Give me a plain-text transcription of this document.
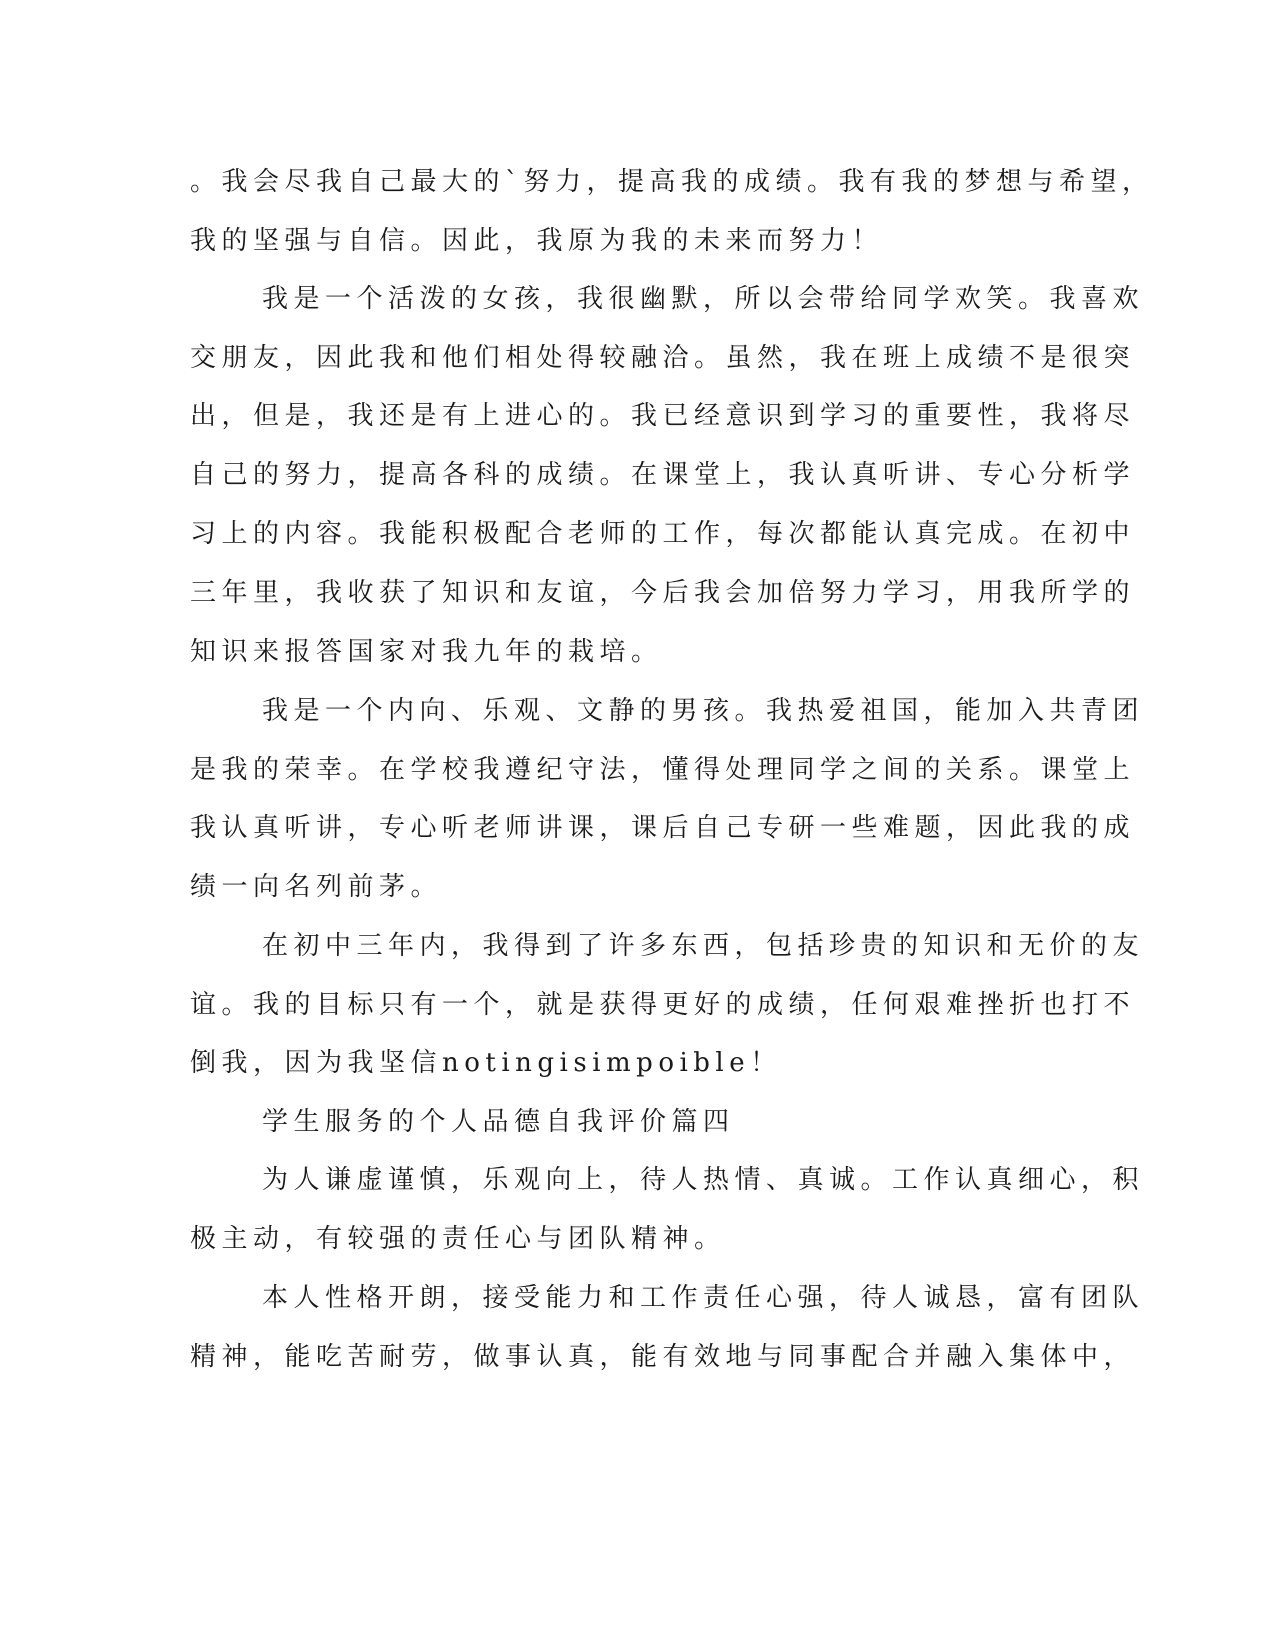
。我会尽我自己最大的`努力，提高我的成绩。我有我的梦想与希望，
我的坚强与自信。因此，我原为我的未来而努力！
我是一个活泼的女孩，我很幽默，所以会带给同学欢笑。我喜欢
交朋友，因此我和他们相处得较融洽。虽然，我在班上成绩不是很突
出，但是，我还是有上进心的。我已经意识到学习的重要性，我将尽
自己的努力，提高各科的成绩。在课堂上，我认真听讲、专心分析学
习上的内容。我能积极配合老师的工作，每次都能认真完成。在初中
三年里，我收获了知识和友谊，今后我会加倍努力学习，用我所学的
知识来报答国家对我九年的栽培。
我是一个内向、乐观、文静的男孩。我热爱祖国，能加入共青团
是我的荣幸。在学校我遵纪守法，懂得处理同学之间的关系。课堂上
我认真听讲，专心听老师讲课，课后自己专研一些难题，因此我的成
绩一向名列前茅。
在初中三年内，我得到了许多东西，包括珍贵的知识和无价的友
谊。我的目标只有一个，就是获得更好的成绩，任何艰难挫折也打不
倒我，因为我坚信notingisimpoible！
学生服务的个人品德自我评价篇四
为人谦虚谨慎，乐观向上，待人热情、真诚。工作认真细心，积
极主动，有较强的责任心与团队精神。
本人性格开朗，接受能力和工作责任心强，待人诚恳，富有团队
精神，能吃苦耐劳，做事认真，能有效地与同事配合并融入集体中，
